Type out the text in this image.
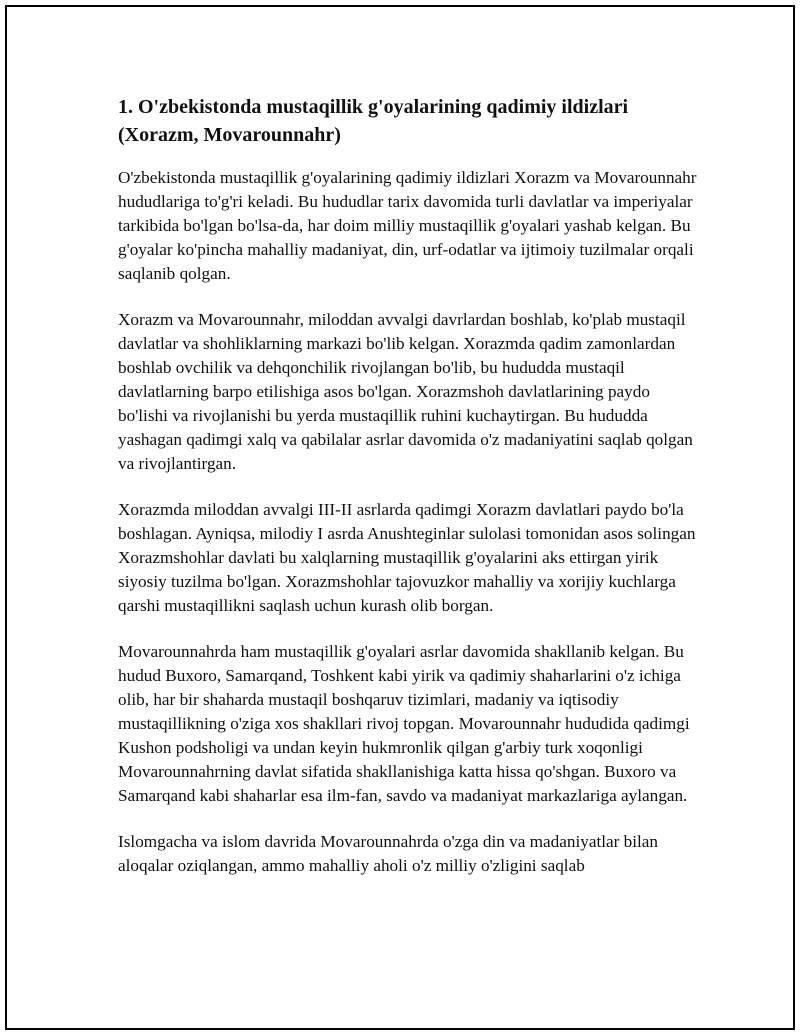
1. O'zbekistonda mustaqillik g'oyalarining qadimiy ildizlari (Xorazm, Movarounnahr)

O'zbekistonda mustaqillik g'oyalarining qadimiy ildizlari Xorazm va Movarounnahr hududlariga to'g'ri keladi. Bu hududlar tarix davomida turli davlatlar va imperiyalar tarkibida bo'lgan bo'lsa-da, har doim milliy mustaqillik g'oyalari yashab kelgan. Bu g'oyalar ko'pincha mahalliy madaniyat, din, urf-odatlar va ijtimoiy tuzilmalar orqali saqlanib qolgan.

Xorazm va Movarounnahr, miloddan avvalgi davrlardan boshlab, ko'plab mustaqil davlatlar va shohliklarning markazi bo'lib kelgan. Xorazmda qadim zamonlardan boshlab ovchilik va dehqonchilik rivojlangan bo'lib, bu hududda mustaqil davlatlarning barpo etilishiga asos bo'lgan. Xorazmshoh davlatlarining paydo bo'lishi va rivojlanishi bu yerda mustaqillik ruhini kuchaytirgan. Bu hududda yashagan qadimgi xalq va qabilalar asrlar davomida o'z madaniyatini saqlab qolgan va rivojlantirgan.

Xorazmda miloddan avvalgi III-II asrlarda qadimgi Xorazm davlatlari paydo bo'la boshlagan. Ayniqsa, milodiy I asrda Anushteginlar sulolasi tomonidan asos solingan Xorazmshohlar davlati bu xalqlarning mustaqillik g'oyalarini aks ettirgan yirik siyosiy tuzilma bo'lgan. Xorazmshohlar tajovuzkor mahalliy va xorijiy kuchlarga qarshi mustaqillikni saqlash uchun kurash olib borgan.

Movarounnahrda ham mustaqillik g'oyalari asrlar davomida shakllanib kelgan. Bu hudud Buxoro, Samarqand, Toshkent kabi yirik va qadimiy shaharlarini o'z ichiga olib, har bir shaharda mustaqil boshqaruv tizimlari, madaniy va iqtisodiy mustaqillikning o'ziga xos shakllari rivoj topgan. Movarounnahr hududida qadimgi Kushon podsholigi va undan keyin hukmronlik qilgan g'arbiy turk xoqonligi Movarounnahrning davlat sifatida shakllanishiga katta hissa qo'shgan. Buxoro va Samarqand kabi shaharlar esa ilm-fan, savdo va madaniyat markazlariga aylangan.

Islomgacha va islom davrida Movarounnahrda o'zga din va madaniyatlar bilan aloqalar oziqlangan, ammo mahalliy aholi o'z milliy o'zligini saqlab
